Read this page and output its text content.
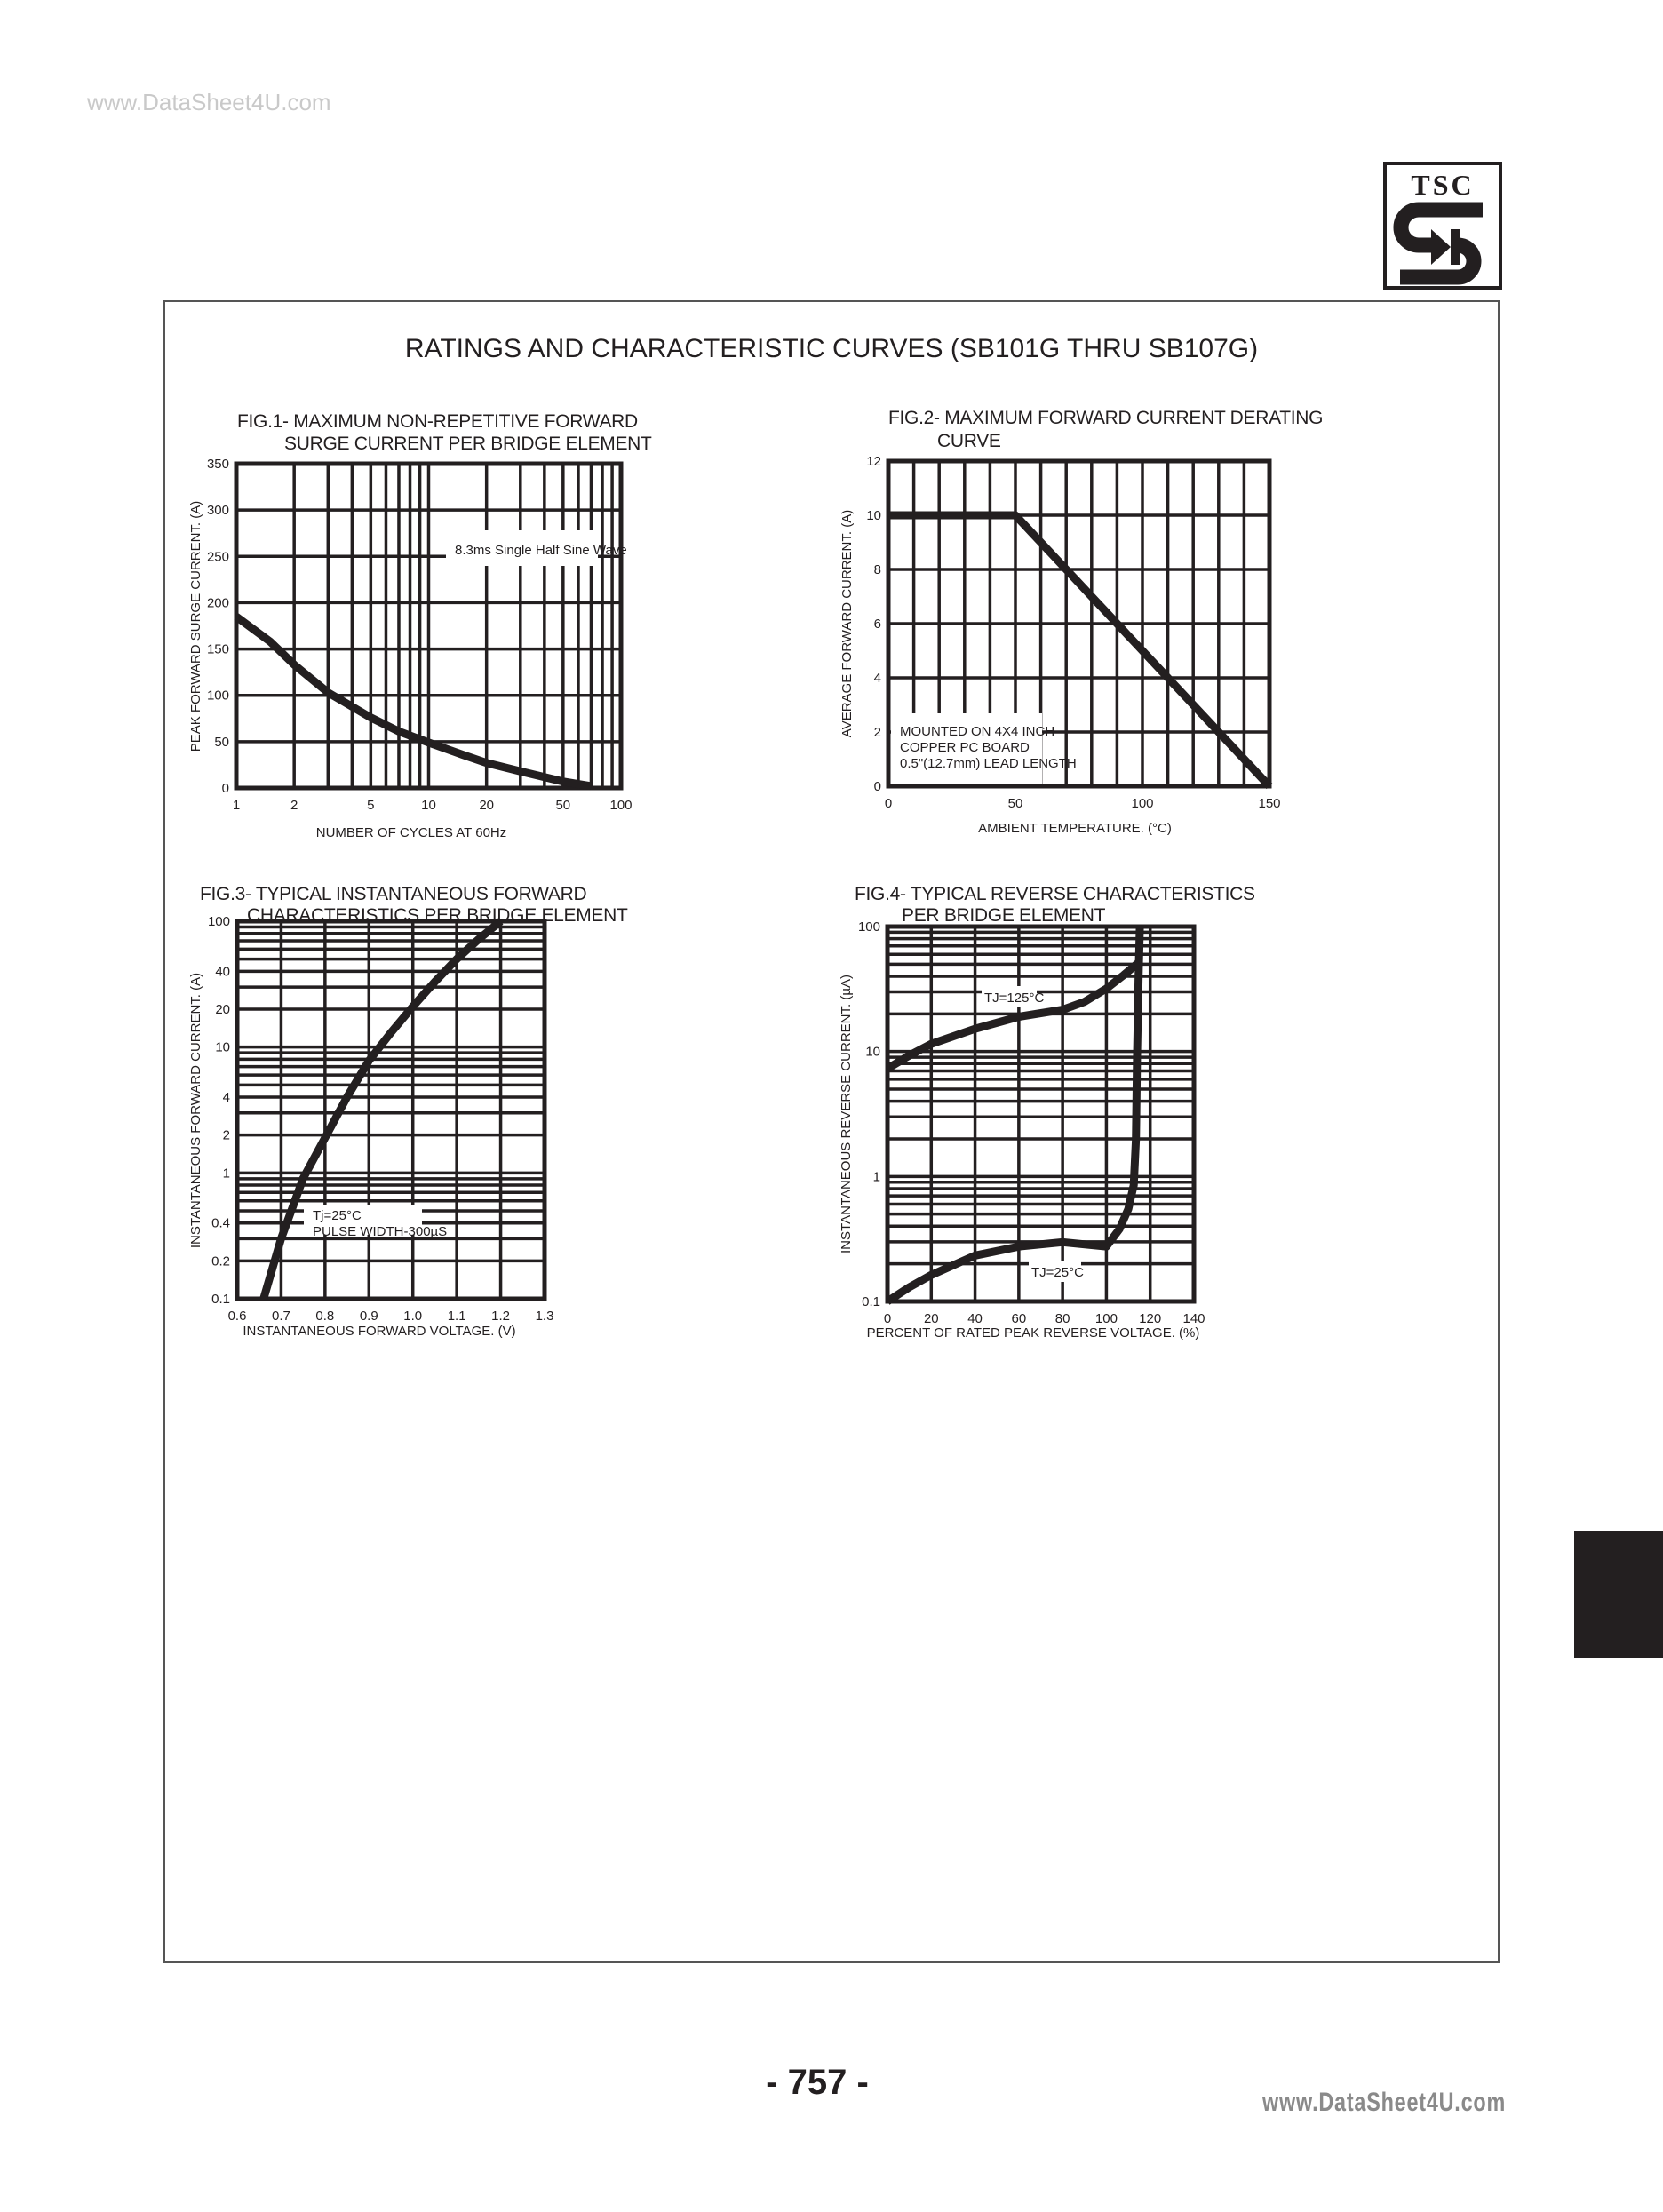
www.DataSheet4U.com
TSC
RATINGS AND CHARACTERISTIC CURVES (SB101G THRU SB107G)
FIG.1- MAXIMUM NON-REPETITIVE FORWARD
SURGE CURRENT PER BRIDGE ELEMENT
FIG.2- MAXIMUM FORWARD CURRENT DERATING
CURVE
FIG.3- TYPICAL INSTANTANEOUS FORWARD
CHARACTERISTICS PER BRIDGE ELEMENT
FIG.4- TYPICAL REVERSE CHARACTERISTICS
PER BRIDGE ELEMENT
8.3ms Single Half Sine Wave
1	2	5	10	20	50	100
0
50
100
150
200
250
300
350
NUMBER OF CYCLES AT 60Hz
PEAK FORWARD SURGE CURRENT. (A)	MOUNTED ON 4X4 INCH
COPPER PC BOARD
0.5"(12.7mm) LEAD LENGTH
0	50	100	150
0
2
4
6
8
10
12
AMBIENT TEMPERATURE. (°C)
AVERAGE FORWARD CURRENT. (A)
Tj=25°C
PULSE WIDTH-300µS
0.6 0.7 0.8 0.9 1.0 1.1 1.2 1.3
0.1
0.2
0.4
1
2
4
10
20
40
100
INSTANTANEOUS FORWARD VOLTAGE. (V)
INSTANTANEOUS FORWARD CURRENT. (A)	TJ=125°C
TJ=25°C
0 20 40 60 80 100 120 140
0.1
1
10
100
PERCENT OF RATED PEAK REVERSE VOLTAGE. (%)
INSTANTANEOUS REVERSE CURRENT. (µA)
- 757 -
www.DataSheet4U.com
